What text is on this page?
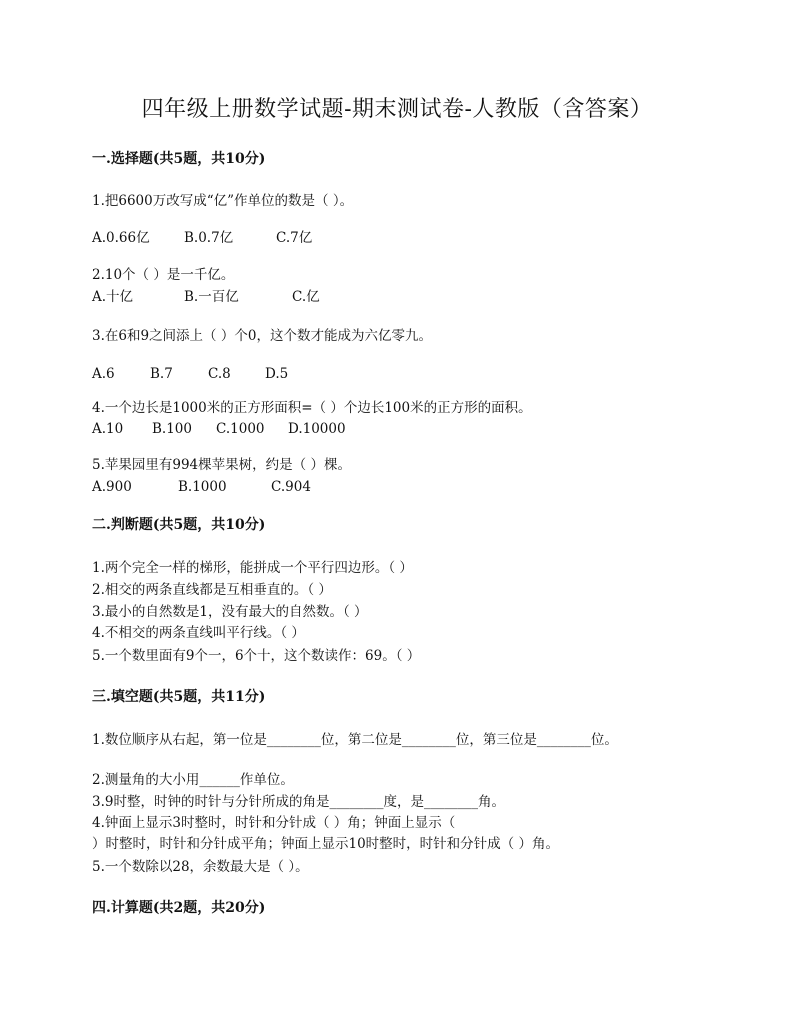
四年级上册数学试题-期末测试卷-人教版（含答案）
一.选择题(共5题，共10分)
1.把6600万改写成“亿”作单位的数是（ ）。
A.0.66亿	B.0.7亿	C.7亿
2.10个（ ）是一千亿。
A.十亿	B.一百亿	C.亿
3.在6和9之间添上（ ）个0，这个数才能成为六亿零九。
A.6	B.7	C.8	D.5
4.一个边长是1000米的正方形面积=（ ）个边长100米的正方形的面积。
A.10 B.100 C.1000 D.10000
5.苹果园里有994棵苹果树，约是（ ）棵。
A.900	B.1000	C.904
二.判断题(共5题，共10分)
1.两个完全一样的梯形，能拼成一个平行四边形。（ ）
2.相交的两条直线都是互相垂直的。（ ）
3.最小的自然数是1，没有最大的自然数。（ ）
4.不相交的两条直线叫平行线。（ ）
5.一个数里面有9个一，6个十，这个数读作：69。（ ）
三.填空题(共5题，共11分)
1.数位顺序从右起，第一位是________位，第二位是________位，第三位是________位。
2.测量角的大小用______作单位。
3.9时整，时钟的时针与分针所成的角是________度，是________角。
4.钟面上显示3时整时，时针和分针成（ ）角；钟面上显示（
）时整时，时针和分针成平角；钟面上显示10时整时，时针和分针成（ ）角。
5.一个数除以28，余数最大是（ ）。
四.计算题(共2题，共20分)
